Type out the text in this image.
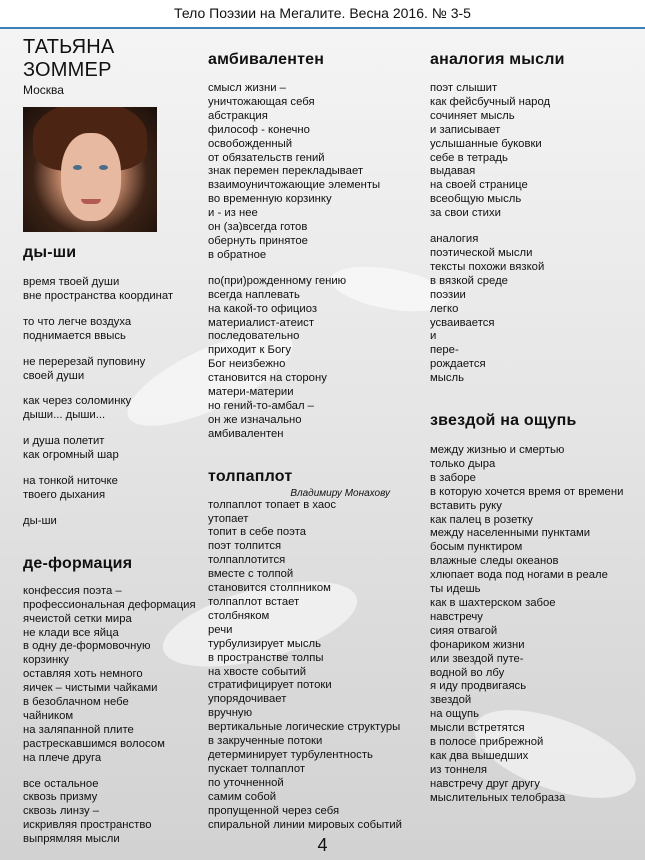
Тело Поэзии на Мегалите. Весна 2016. № 3-5
ТАТЬЯНА ЗОММЕР
Москва
ды-ши
время твоей души
вне пространства координат
то что легче воздуха
поднимается ввысь
не перерезай пуповину
своей души
как через соломинку
дыши... дыши...
и душа полетит
как огромный шар
на тонкой ниточке
твоего дыхания
ды-ши
де-формация
конфессия поэта –
профессиональная деформация
ячеистой сетки мира
не клади все яйца
в одну де-формовочную
корзинку
оставляя хоть немного
яичек – чистыми чайками
в безоблачном небе
чайником
на заляпанной плите
растрескавшимся волосом
на плече друга
все остальное
сквозь призму
сквозь линзу –
искривляя пространство
выпрямляя мысли
амбивалентен
смысл жизни –
уничтожающая себя
абстракция
философ - конечно
освобожденный
от обязательств гений
знак перемен перекладывает
взаимоуничтожающие элементы
во временную корзинку
и - из нее
он (за)всегда готов
обернуть принятое
в обратное
по(при)рожденному гению
всегда наплевать
на какой-то официоз
материалист-атеист
последовательно
приходит к Богу
Бог неизбежно
становится на сторону
матери-материи
но гений-то-амбал –
он же изначально
амбивалентен
толпаплот
Владимиру Монахову
толпаплот топает в хаос
утопает
топит в себе поэта
поэт толпится
толпаплотится
вместе с толпой
становится столпником
толпаплот встает
столбняком
речи
турбулизирует мысль
в пространстве толпы
на хвосте событий
стратифицирует потоки
упорядочивает
вручную
вертикальные логические структуры
в закрученные потоки
детерминирует турбулентность
пускает толпаплот
по уточненной
самим собой
пропущенной через себя
спиральной линии мировых событий
аналогия мысли
поэт слышит
как фейсбучный народ
сочиняет мысль
и записывает
услышанные буковки
себе в тетрадь
выдавая
на своей странице
всеобщую мысль
за свои стихи
аналогия
поэтической мысли
тексты похожи вязкой
в вязкой среде
поэзии
легко
усваивается
и
пере-
рождается
мысль
звездой на ощупь
между жизнью и смертью
только дыра
в заборе
в которую хочется время от времени
вставить руку
как палец в розетку
между населенными пунктами
босым пунктиром
влажные следы океанов
хлюпает вода под ногами в реале
ты идешь
как в шахтерском забое
навстречу
сияя отвагой
фонариком жизни
или звездой путе-
водной во лбу
я иду продвигаясь
звездой
на ощупь
мысли встретятся
в полосе прибрежной
как два вышедших
из тоннеля
навстречу друг другу
мыслительных телобраза
4
